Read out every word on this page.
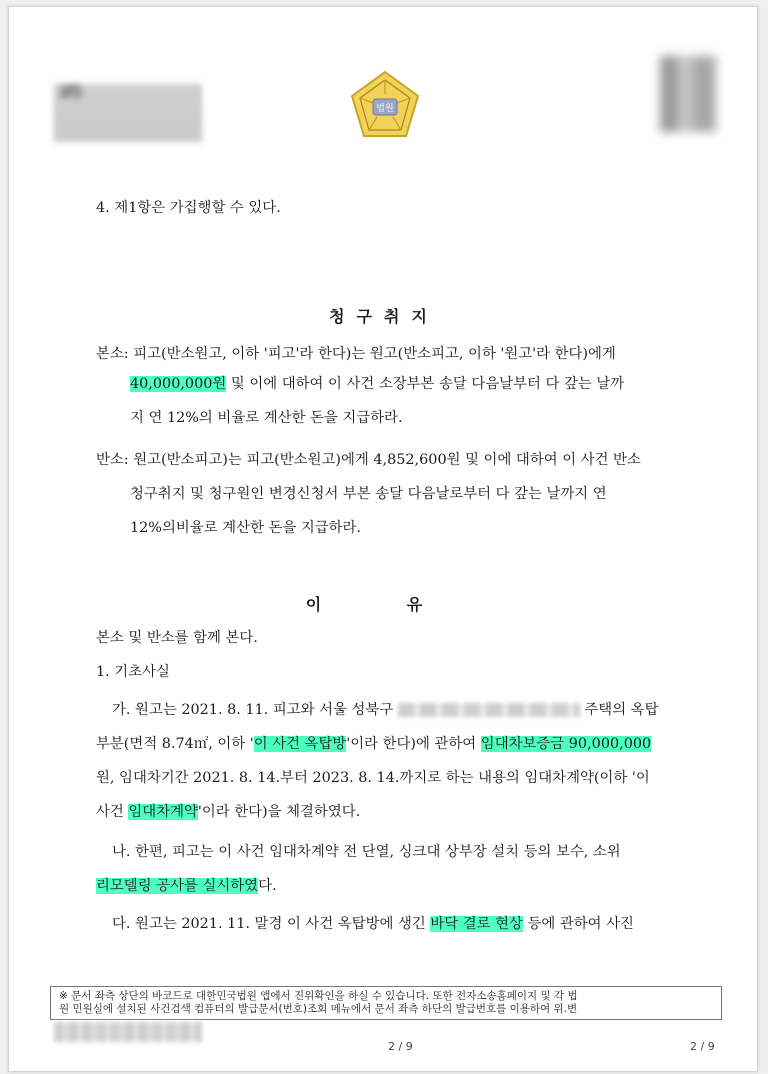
법원
4. 제1항은 가집행할 수 있다.
청구취지
본소: 피고(반소원고, 이하 '피고'라 한다)는 원고(반소피고, 이하 '원고'라 한다)에게
40,000,000원 및 이에 대하여 이 사건 소장부본 송달 다음날부터 다 갚는 날까
지 연 12%의 비율로 계산한 돈을 지급하라.
반소: 원고(반소피고)는 피고(반소원고)에게 4,852,600원 및 이에 대하여 이 사건 반소
청구취지 및 청구원인 변경신청서 부본 송달 다음날로부터 다 갚는 날까지 연
12%의비율로 계산한 돈을 지급하라.
이 유
본소 및 반소를 함께 본다.
1. 기초사실
가. 원고는 2021. 8. 11. 피고와 서울 성북구	주택의 옥탑
부분(면적 8.74㎡, 이하 '이 사건 옥탑방'이라 한다)에 관하여 임대차보증금 90,000,000
원, 임대차기간 2021. 8. 14.부터 2023. 8. 14.까지로 하는 내용의 임대차계약(이하 '이
사건 임대차계약'이라 한다)을 체결하였다.
나. 한편, 피고는 이 사건 임대차계약 전 단열, 싱크대 상부장 설치 등의 보수, 소위
리모델링 공사를 실시하였다.
다. 원고는 2021. 11. 말경 이 사건 옥탑방에 생긴 바닥 결로 현상 등에 관하여 사진
※ 문서 좌측 상단의 바코드로 대한민국법원 앱에서 진위확인을 하실 수 있습니다. 또한 전자소송홈페이지 및 각 법
원 민원실에 설치된 사건검색 컴퓨터의 발급문서(번호)조회 메뉴에서 문서 좌측 하단의 발급번호를 이용하여 위.변
2 / 9	2 / 9
